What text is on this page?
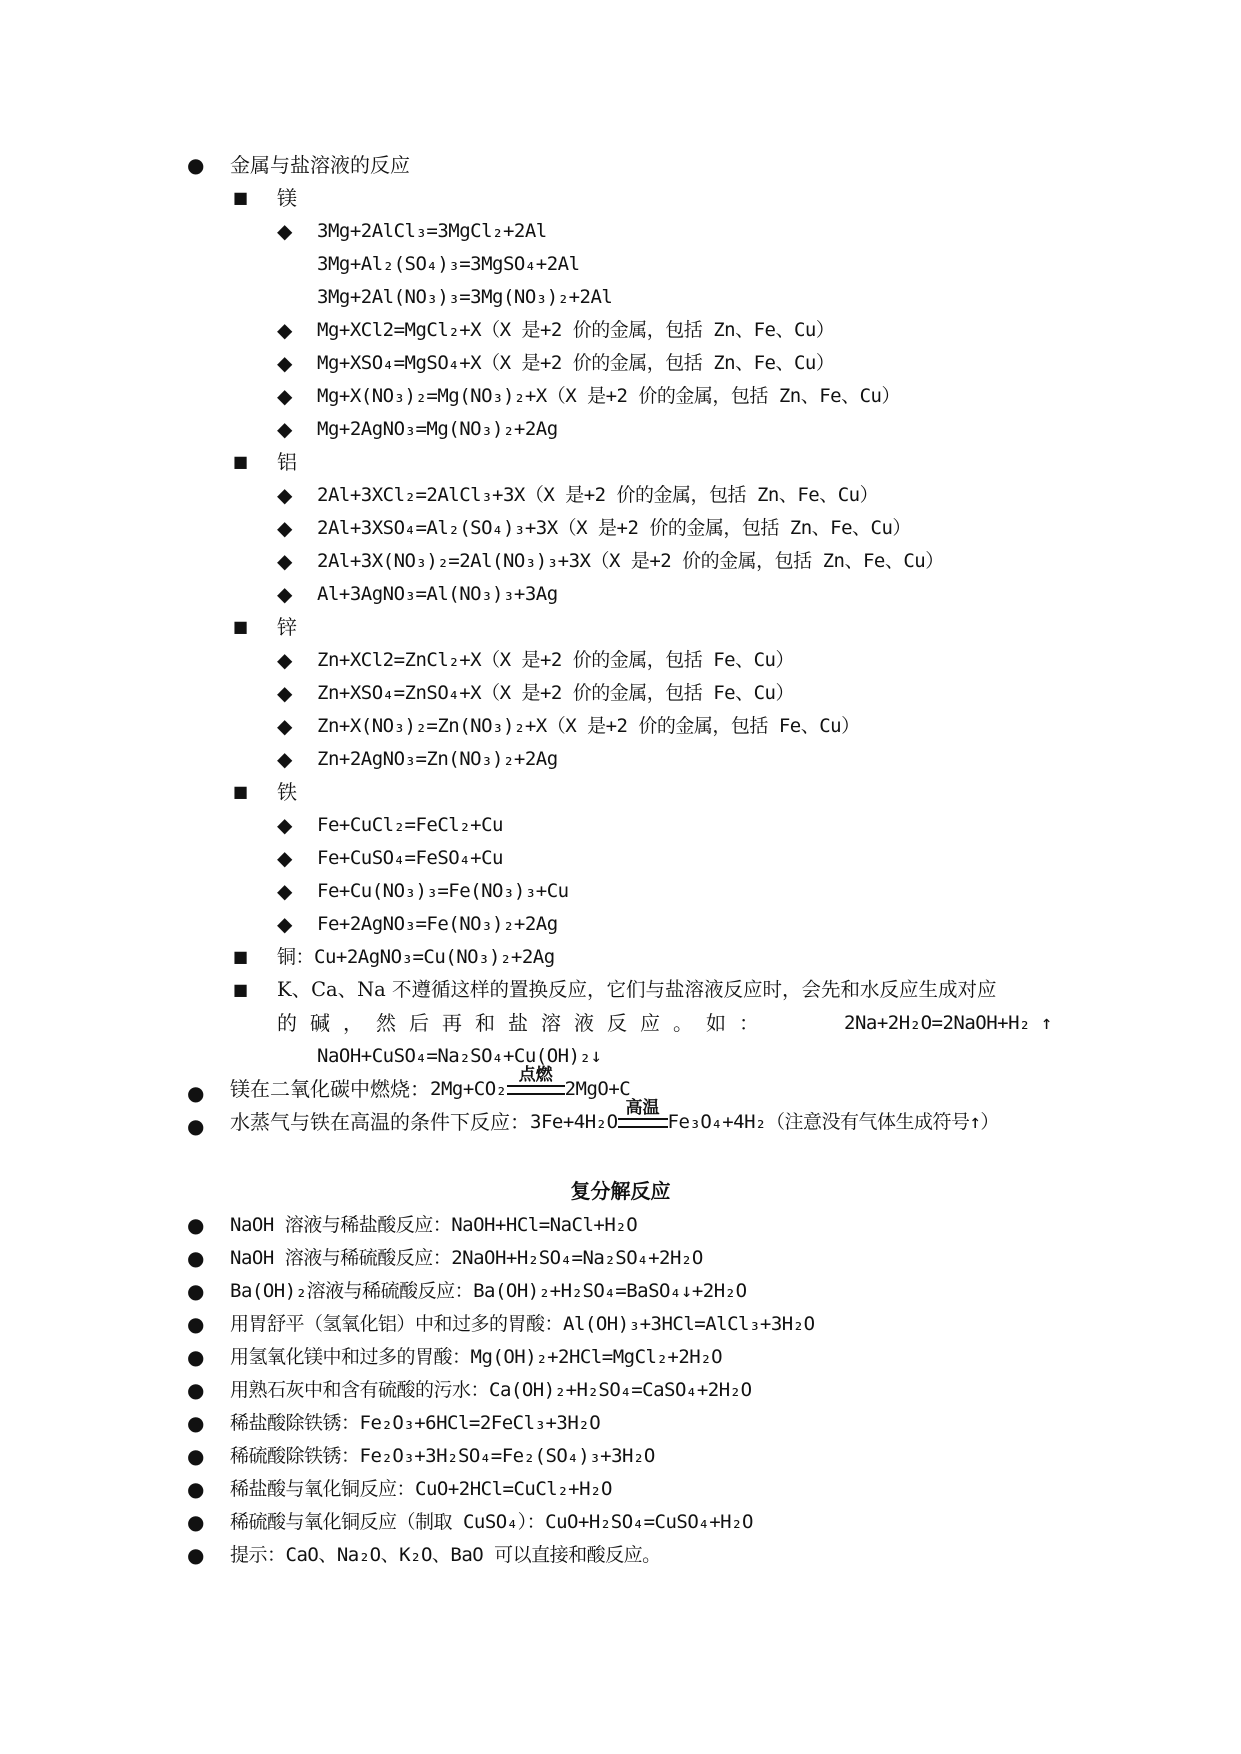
● 金属与盐溶液的反应
■ 镁
◆ 3Mg+2AlCl₃=3MgCl₂+2Al
3Mg+Al₂(SO₄)₃=3MgSO₄+2Al
3Mg+2Al(NO₃)₃=3Mg(NO₃)₂+2Al
◆ Mg+XCl2=MgCl₂+X（X 是+2 价的金属，包括 Zn、Fe、Cu）
◆ Mg+XSO₄=MgSO₄+X（X 是+2 价的金属，包括 Zn、Fe、Cu）
◆ Mg+X(NO₃)₂=Mg(NO₃)₂+X（X 是+2 价的金属，包括 Zn、Fe、Cu）
◆ Mg+2AgNO₃=Mg(NO₃)₂+2Ag
■ 铝
◆ 2Al+3XCl₂=2AlCl₃+3X（X 是+2 价的金属，包括 Zn、Fe、Cu）
◆ 2Al+3XSO₄=Al₂(SO₄)₃+3X（X 是+2 价的金属，包括 Zn、Fe、Cu）
◆ 2Al+3X(NO₃)₂=2Al(NO₃)₃+3X（X 是+2 价的金属，包括 Zn、Fe、Cu）
◆ Al+3AgNO₃=Al(NO₃)₃+3Ag
■ 锌
◆ Zn+XCl2=ZnCl₂+X（X 是+2 价的金属，包括 Fe、Cu）
◆ Zn+XSO₄=ZnSO₄+X（X 是+2 价的金属，包括 Fe、Cu）
◆ Zn+X(NO₃)₂=Zn(NO₃)₂+X（X 是+2 价的金属，包括 Fe、Cu）
◆ Zn+2AgNO₃=Zn(NO₃)₂+2Ag
■ 铁
◆ Fe+CuCl₂=FeCl₂+Cu
◆ Fe+CuSO₄=FeSO₄+Cu
◆ Fe+Cu(NO₃)₃=Fe(NO₃)₃+Cu
◆ Fe+2AgNO₃=Fe(NO₃)₂+2Ag
■ 铜：Cu+2AgNO₃=Cu(NO₃)₂+2Ag
■ K、Ca、Na 不遵循这样的置换反应，它们与盐溶液反应时，会先和水反应生成对应
的碱，然后再和盐溶液反应。如：	2Na+2H₂O=2NaOH+H₂ ↑
NaOH+CuSO₄=Na₂SO₄+Cu(OH)₂↓
● 镁在二氧化碳中燃烧：2Mg+CO₂
点燃
2MgO+C
● 水蒸气与铁在高温的条件下反应：3Fe+4H₂O
高温
Fe₃O₄+4H₂（注意没有气体生成符号↑）
复分解反应
● NaOH 溶液与稀盐酸反应：NaOH+HCl=NaCl+H₂O
● NaOH 溶液与稀硫酸反应：2NaOH+H₂SO₄=Na₂SO₄+2H₂O
● Ba(OH)₂溶液与稀硫酸反应：Ba(OH)₂+H₂SO₄=BaSO₄↓+2H₂O
● 用胃舒平（氢氧化铝）中和过多的胃酸：Al(OH)₃+3HCl=AlCl₃+3H₂O
● 用氢氧化镁中和过多的胃酸：Mg(OH)₂+2HCl=MgCl₂+2H₂O
● 用熟石灰中和含有硫酸的污水：Ca(OH)₂+H₂SO₄=CaSO₄+2H₂O
● 稀盐酸除铁锈：Fe₂O₃+6HCl=2FeCl₃+3H₂O
● 稀硫酸除铁锈：Fe₂O₃+3H₂SO₄=Fe₂(SO₄)₃+3H₂O
● 稀盐酸与氧化铜反应：CuO+2HCl=CuCl₂+H₂O
● 稀硫酸与氧化铜反应（制取 CuSO₄）：CuO+H₂SO₄=CuSO₄+H₂O
● 提示：CaO、Na₂O、K₂O、BaO 可以直接和酸反应。
